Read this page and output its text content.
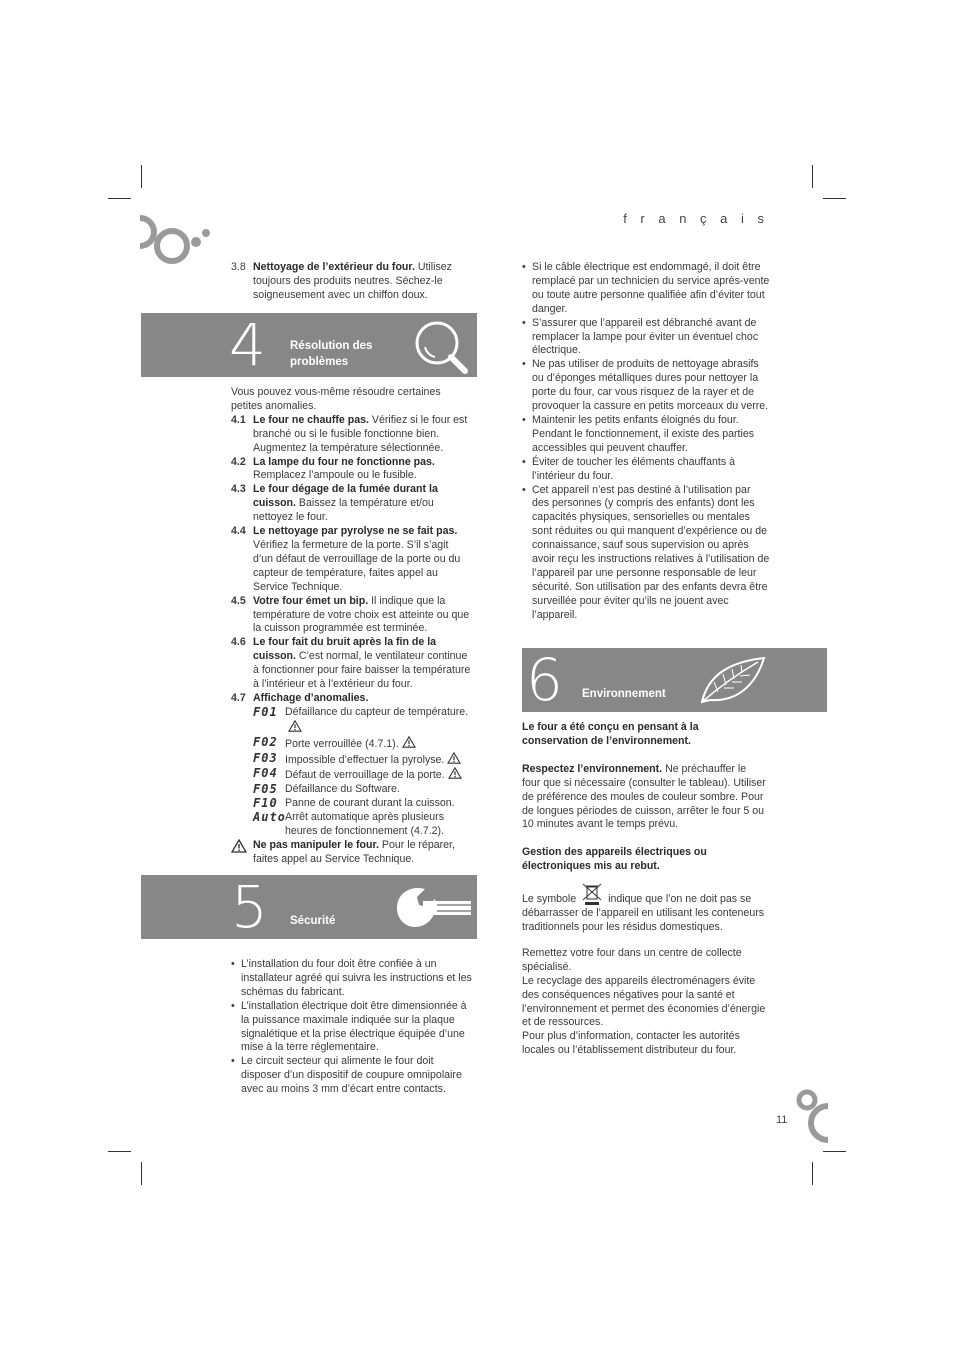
f r a n ç a i s
3.8 Nettoyage de l’extérieur du four. Utilisez toujours des produits neutres. Séchez-le soigneusement avec un chiffon doux.
4 Résolution des
problèmes

Vous pouvez vous-même résoudre certaines petites anomalies.

4.1 Le four ne chauffe pas. Vérifiez si le four est branché ou si le fusible fonctionne bien. Augmentez la température sélectionnée.
4.2 La lampe du four ne fonctionne pas. Remplacez l’ampoule ou le fusible.
4.3 Le four dégage de la fumée durant la cuisson. Baissez la température et/ou nettoyez le four.
4.4 Le nettoyage par pyrolyse ne se fait pas. Vérifiez la fermeture de la porte. S’il s’agit d’un défaut de verrouillage de la porte ou du capteur de température, faites appel au Service Technique.
4.5 Votre four émet un bip. Il indique que la température de votre choix est atteinte ou que la cuisson programmée est terminée.
4.6 Le four fait du bruit après la fin de la cuisson. C’est normal, le ventilateur continue à fonctionner pour faire baisser la température à l’intérieur et à l’extérieur du four.
4.7 Affichage d’anomalies.
F01 Défaillance du capteur de température.
F02 Porte verrouillée (4.7.1).
F03 Impossible d’effectuer la pyrolyse.
F04 Défaut de verrouillage de la porte.
F05 Défaillance du Software.
F10 Panne de courant durant la cuisson.
Auto Arrêt automatique après plusieurs heures de fonctionnement (4.7.2).
Ne pas manipuler le four. Pour le réparer, faites appel au Service Technique.
5 Sécurité
• L’installation du four doit être confiée à un installateur agréé qui suivra les instructions et les schémas du fabricant.
• L’installation électrique doit être dimensionnée à la puissance maximale indiquée sur la plaque signalétique et la prise électrique équipée d’une mise à la terre réglementaire.
• Le circuit secteur qui alimente le four doit disposer d’un dispositif de coupure omnipolaire avec au moins 3 mm d’écart entre contacts.
• Si le câble électrique est endommagé, il doit être remplacé par un technicien du service après-vente ou toute autre personne qualifiée afin d’éviter tout danger.
• S’assurer que l’appareil est débranché avant de remplacer la lampe pour éviter un éventuel choc électrique.
• Ne pas utiliser de produits de nettoyage abrasifs ou d’éponges métalliques dures pour nettoyer la porte du four, car vous risquez de la rayer et de provoquer la cassure en petits morceaux du verre.
• Maintenir les petits enfants éloignés du four. Pendant le fonctionnement, il existe des parties accessibles qui peuvent chauffer.
• Éviter de toucher les éléments chauffants à l’intérieur du four.
• Cet appareil n’est pas destiné à l’utilisation par des personnes (y compris des enfants) dont les capacités physiques, sensorielles ou mentales sont réduites ou qui manquent d’expérience ou de connaissance, sauf sous supervision ou après avoir reçu les instructions relatives à l’utilisation de l’appareil par une personne responsable de leur sécurité. Son utilisation par des enfants devra être surveillée pour éviter qu’ils ne jouent avec l’appareil.
6 Environnement

Le four a été conçu en pensant à la conservation de l’environnement.

Respectez l’environnement. Ne préchauffer le four que si nécessaire (consulter le tableau). Utiliser de préférence des moules de couleur sombre. Pour de longues périodes de cuisson, arrêter le four 5 ou 10 minutes avant le temps prévu.

Gestion des appareils électriques ou électroniques mis au rebut.

Le symbole	indique que l’on ne doit pas se débarrasser de l’appareil en utilisant les conteneurs traditionnels pour les résidus domestiques.

Remettez votre four dans un centre de collecte spécialisé.

Le recyclage des appareils électroménagers évite des conséquences négatives pour la santé et l’environnement et permet des économies d’énergie et de ressources.

Pour plus d’information, contacter les autorités locales ou l’établissement distributeur du four.

11
